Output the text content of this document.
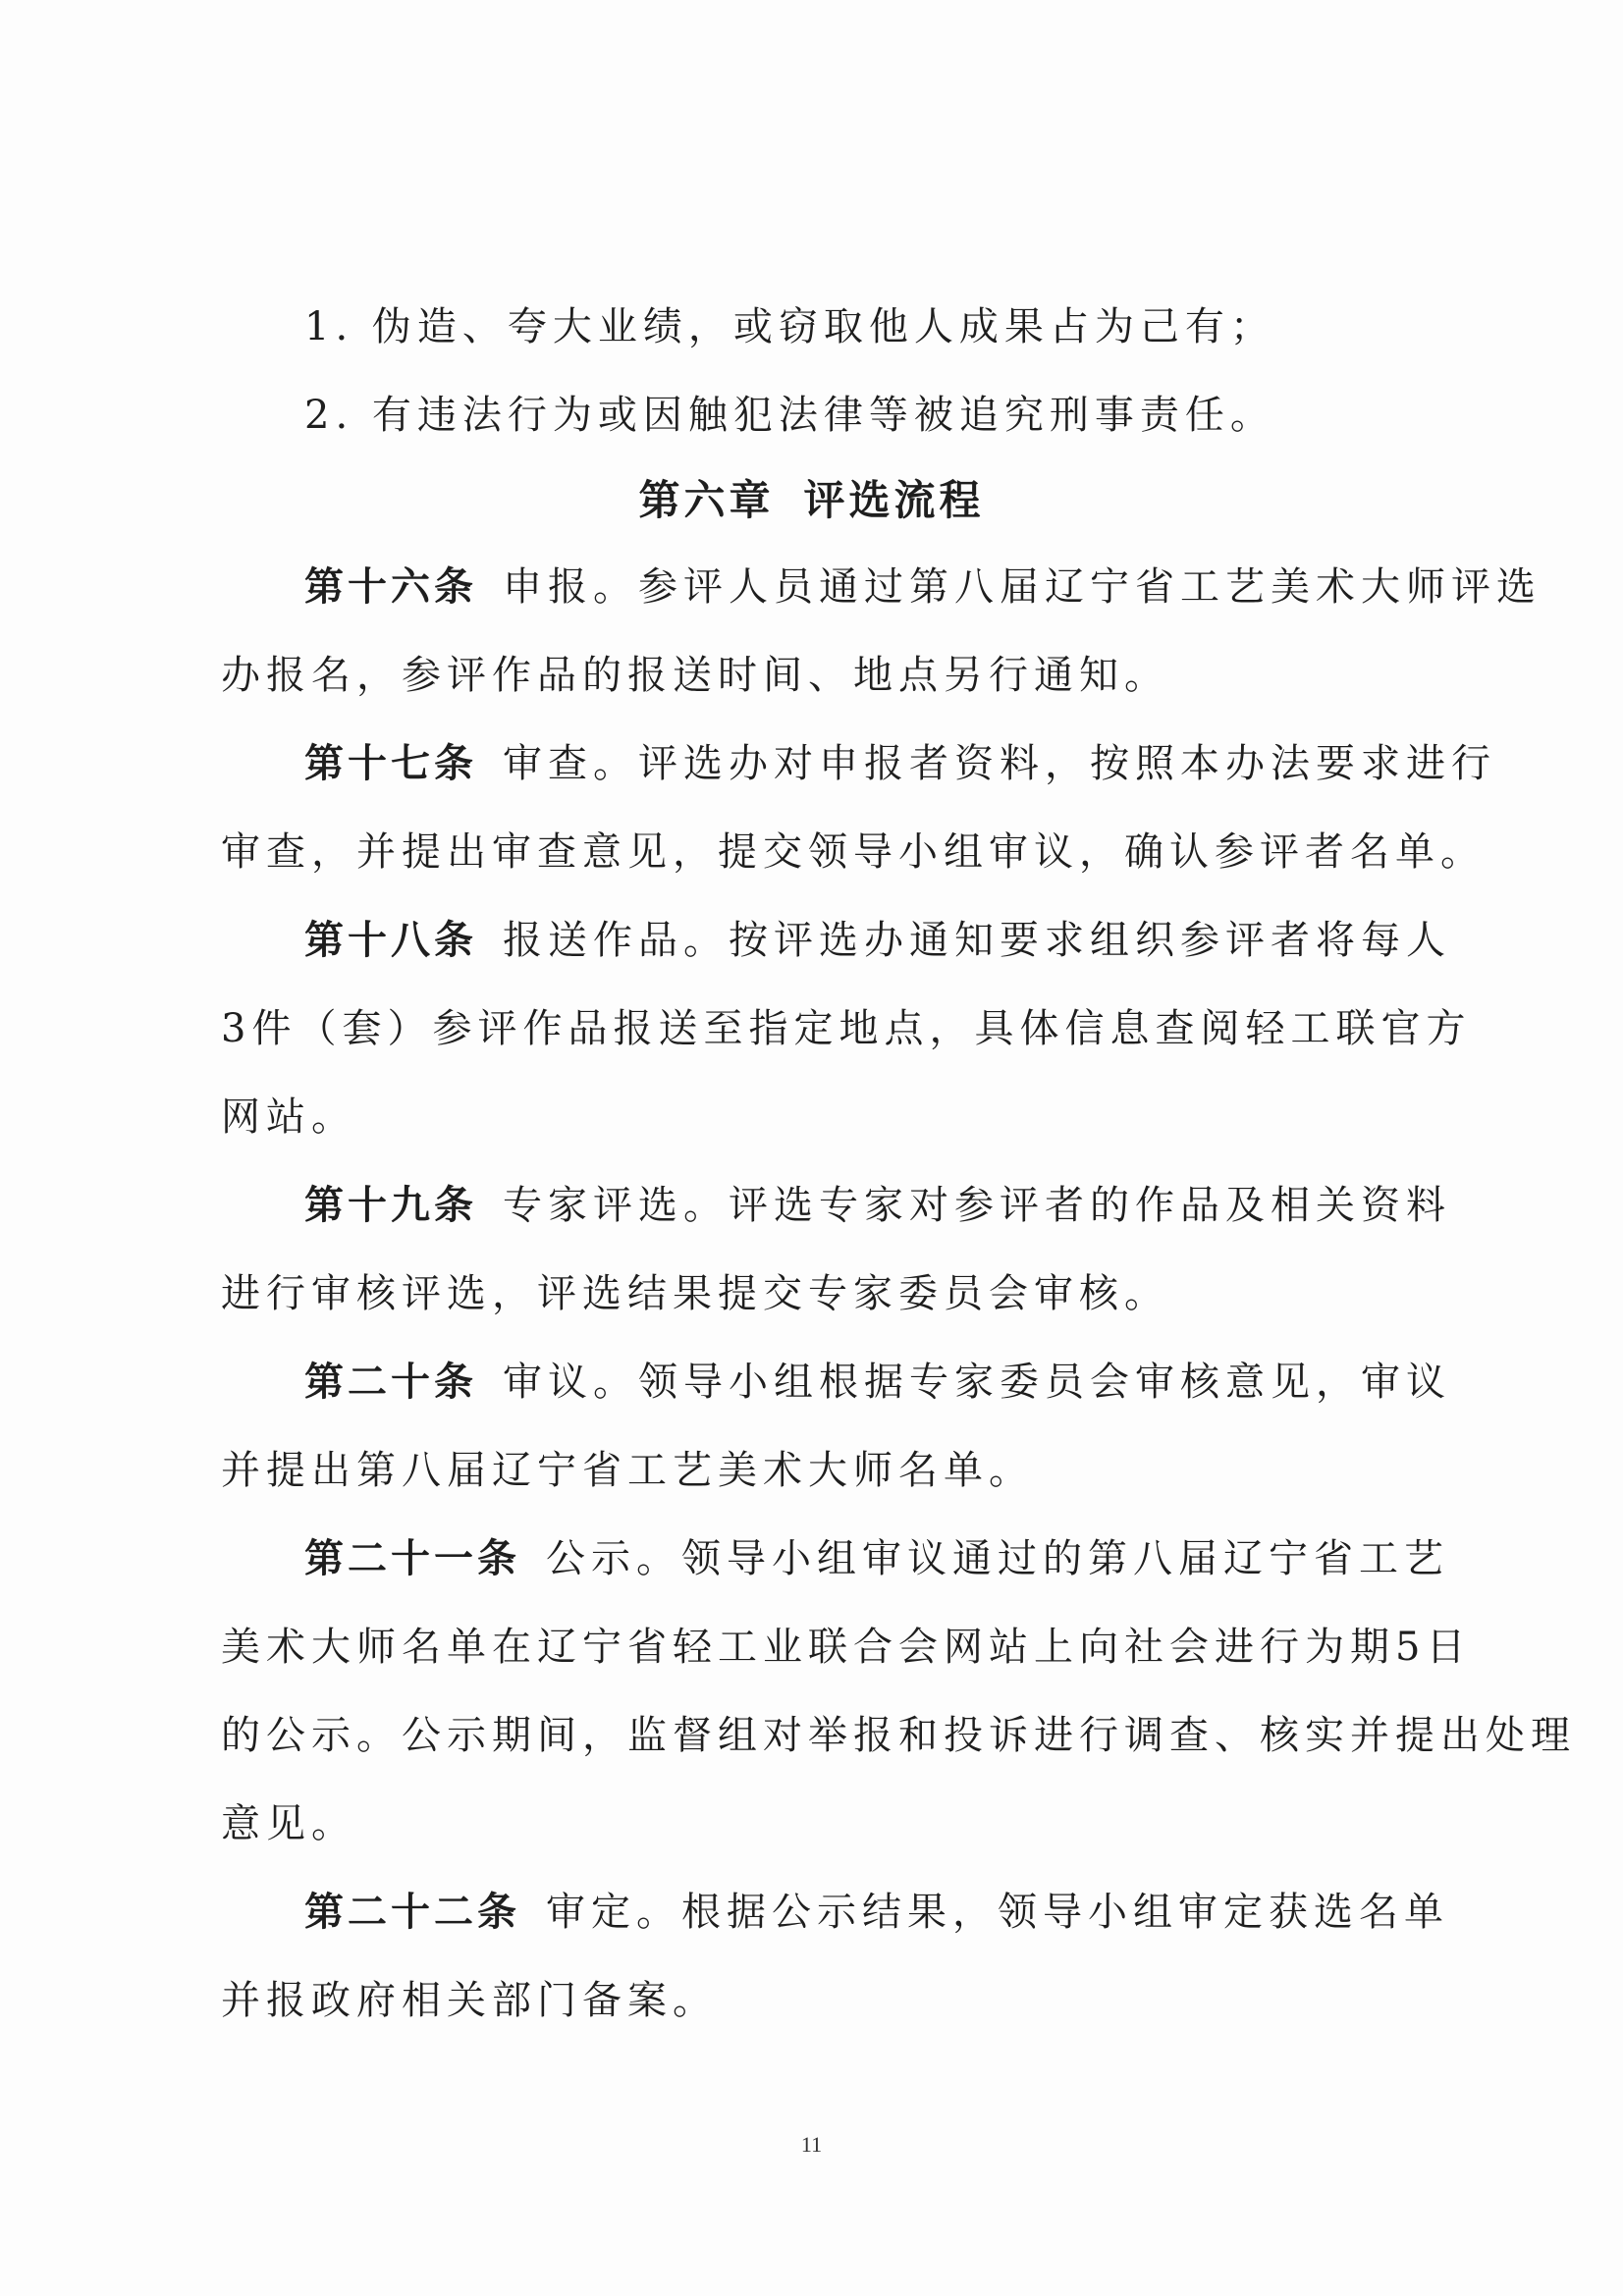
1. 伪造、夸大业绩，或窃取他人成果占为己有；
2. 有违法行为或因触犯法律等被追究刑事责任。
第六章 评选流程
第十六条 申报。参评人员通过第八届辽宁省工艺美术大师评选
办报名，参评作品的报送时间、地点另行通知。
第十七条 审查。评选办对申报者资料，按照本办法要求进行
审查，并提出审查意见，提交领导小组审议，确认参评者名单。
第十八条 报送作品。按评选办通知要求组织参评者将每人
3件（套）参评作品报送至指定地点，具体信息查阅轻工联官方
网站。
第十九条 专家评选。评选专家对参评者的作品及相关资料
进行审核评选，评选结果提交专家委员会审核。
第二十条 审议。领导小组根据专家委员会审核意见，审议
并提出第八届辽宁省工艺美术大师名单。
第二十一条 公示。领导小组审议通过的第八届辽宁省工艺
美术大师名单在辽宁省轻工业联合会网站上向社会进行为期5日
的公示。公示期间，监督组对举报和投诉进行调查、核实并提出处理
意见。
第二十二条 审定。根据公示结果，领导小组审定获选名单
并报政府相关部门备案。
11
